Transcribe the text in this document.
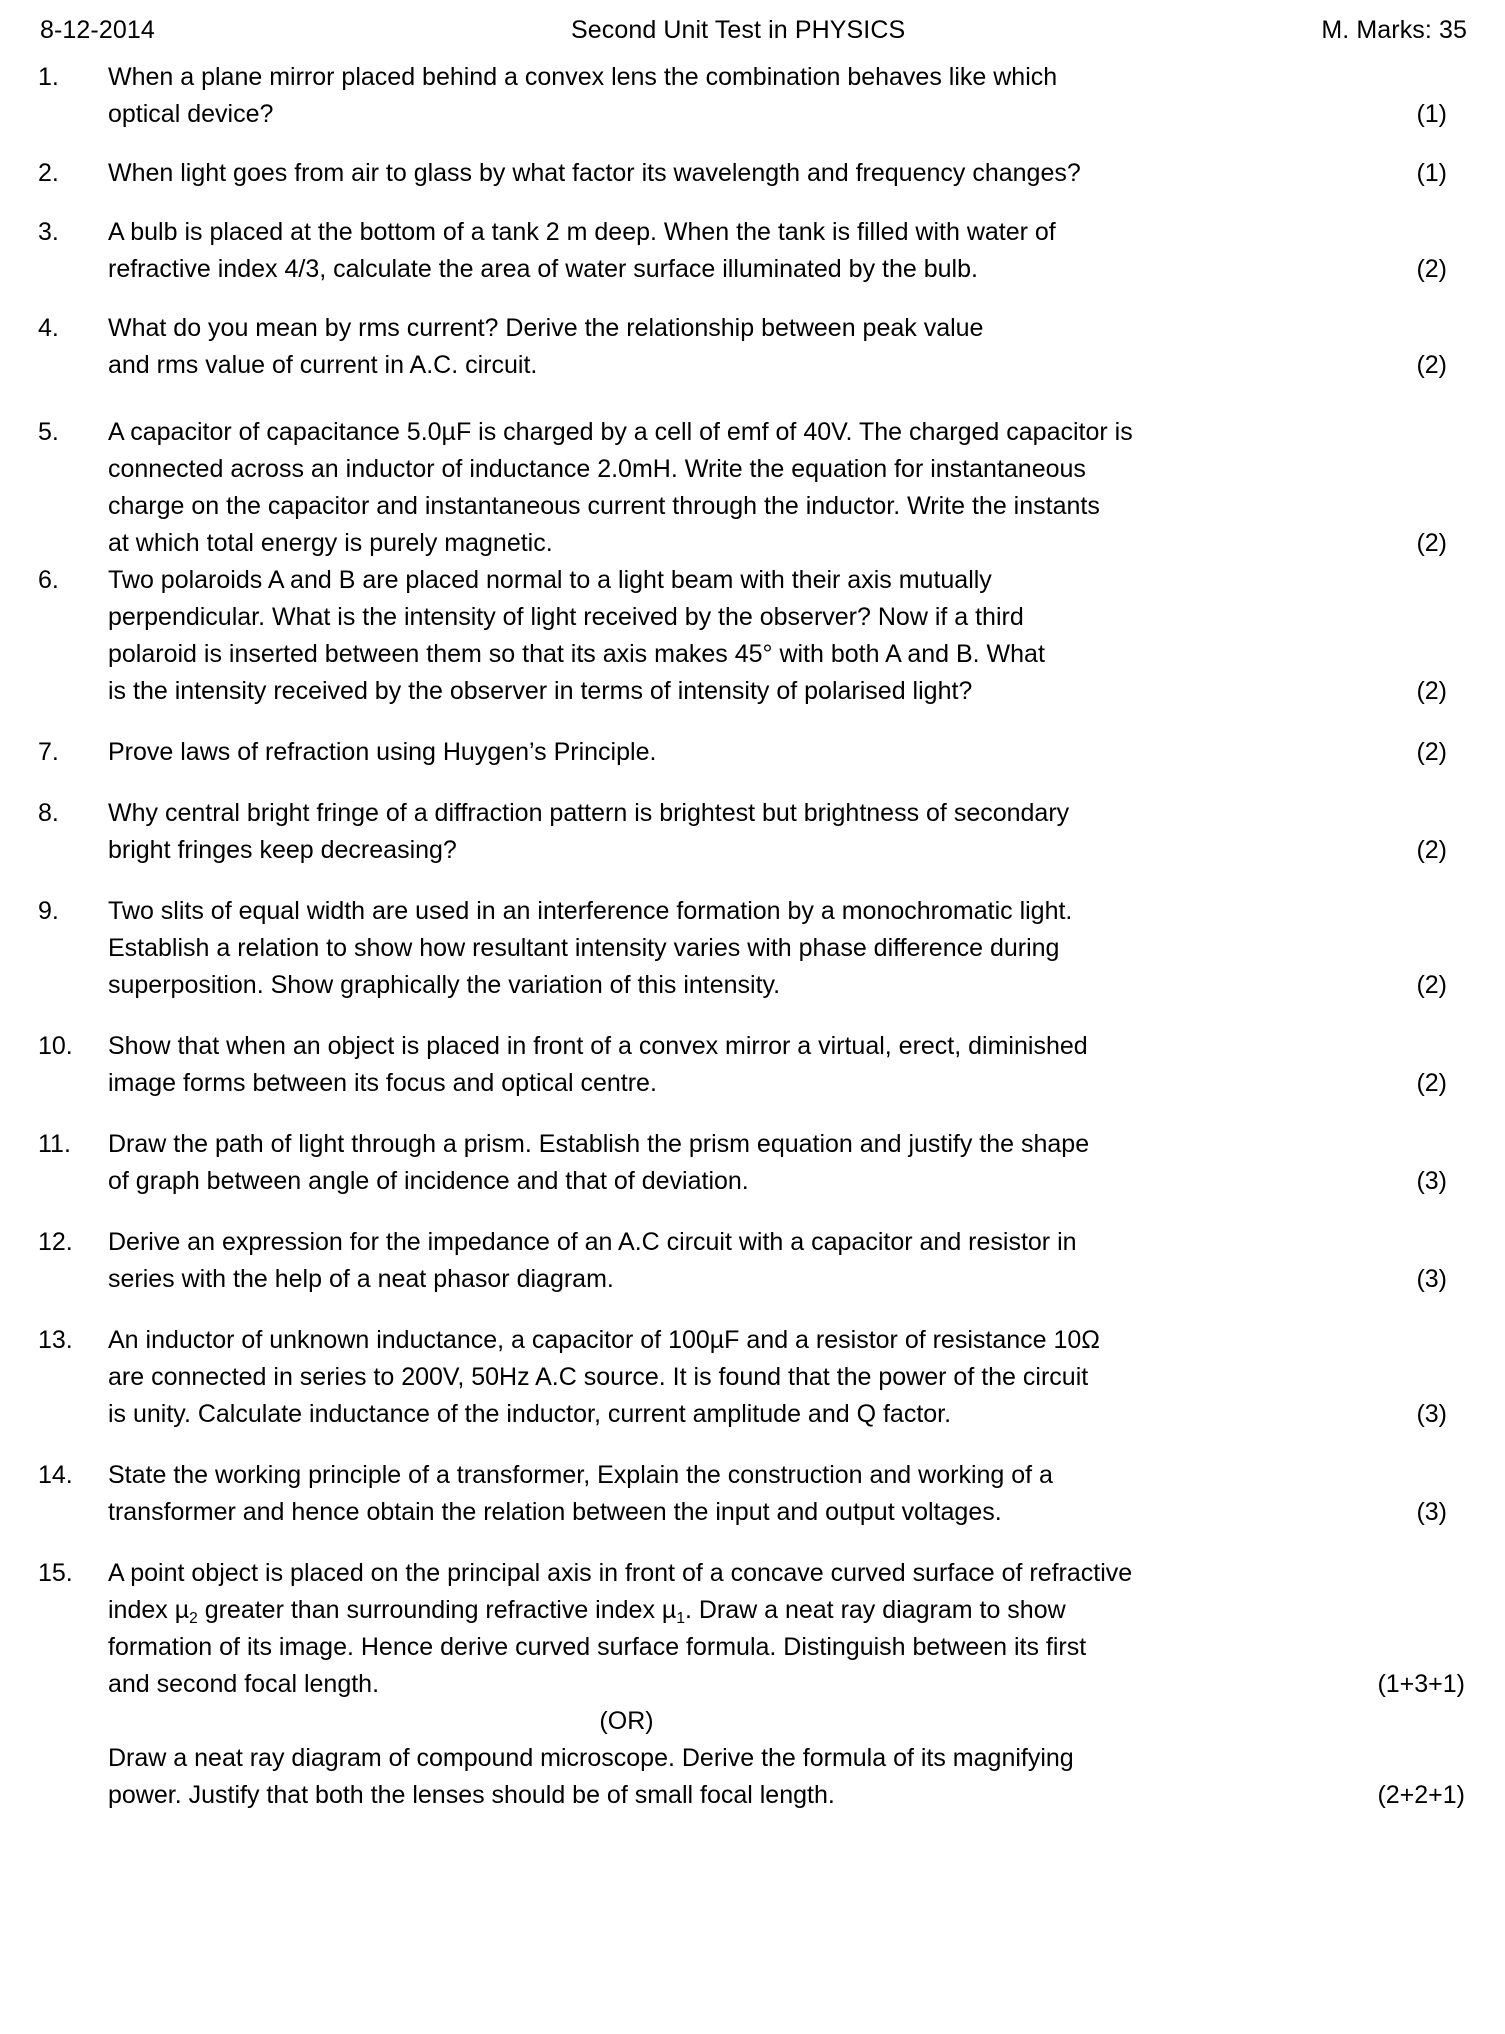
8-12-2014	Second Unit Test in PHYSICS	M. Marks: 35
1.	When a plane mirror placed behind a convex lens the combination behaves like which
optical device?	(1)
2.	When light goes from air to glass by what factor its wavelength and frequency changes?	(1)
3.	A bulb is placed at the bottom of a tank 2 m deep. When the tank is filled with water of
refractive index 4/3, calculate the area of water surface illuminated by the bulb.	(2)
4.	What do you mean by rms current? Derive the relationship between peak value
and rms value of current in A.C. circuit.	(2)
5.	A capacitor of capacitance 5.0µF is charged by a cell of emf of 40V. The charged capacitor is
connected across an inductor of inductance 2.0mH. Write the equation for instantaneous
charge on the capacitor and instantaneous current through the inductor. Write the instants
at which total energy is purely magnetic.	(2)
6.	Two polaroids A and B are placed normal to a light beam with their axis mutually
perpendicular. What is the intensity of light received by the observer? Now if a third
polaroid is inserted between them so that its axis makes 45° with both A and B. What
is the intensity received by the observer in terms of intensity of polarised light?	(2)
7.	Prove laws of refraction using Huygen’s Principle.	(2)
8.	Why central bright fringe of a diffraction pattern is brightest but brightness of secondary
bright fringes keep decreasing?	(2)
9.	Two slits of equal width are used in an interference formation by a monochromatic light.
Establish a relation to show how resultant intensity varies with phase difference during
superposition. Show graphically the variation of this intensity.	(2)
10.	Show that when an object is placed in front of a convex mirror a virtual, erect, diminished
image forms between its focus and optical centre.	(2)
11.	Draw the path of light through a prism. Establish the prism equation and justify the shape
of graph between angle of incidence and that of deviation.	(3)
12.	Derive an expression for the impedance of an A.C circuit with a capacitor and resistor in
series with the help of a neat phasor diagram.	(3)
13.	An inductor of unknown inductance, a capacitor of 100µF and a resistor of resistance 10Ω
are connected in series to 200V, 50Hz A.C source. It is found that the power of the circuit
is unity. Calculate inductance of the inductor, current amplitude and Q factor.	(3)
14.	State the working principle of a transformer, Explain the construction and working of a
transformer and hence obtain the relation between the input and output voltages.	(3)
15.	A point object is placed on the principal axis in front of a concave curved surface of refractive
index µ$_2$ greater than surrounding refractive index µ$_1$. Draw a neat ray diagram to show
formation of its image. Hence derive curved surface formula. Distinguish between its first
and second focal length.	(1+3+1)
(OR)
Draw a neat ray diagram of compound microscope. Derive the formula of its magnifying
power. Justify that both the lenses should be of small focal length.	(2+2+1)
